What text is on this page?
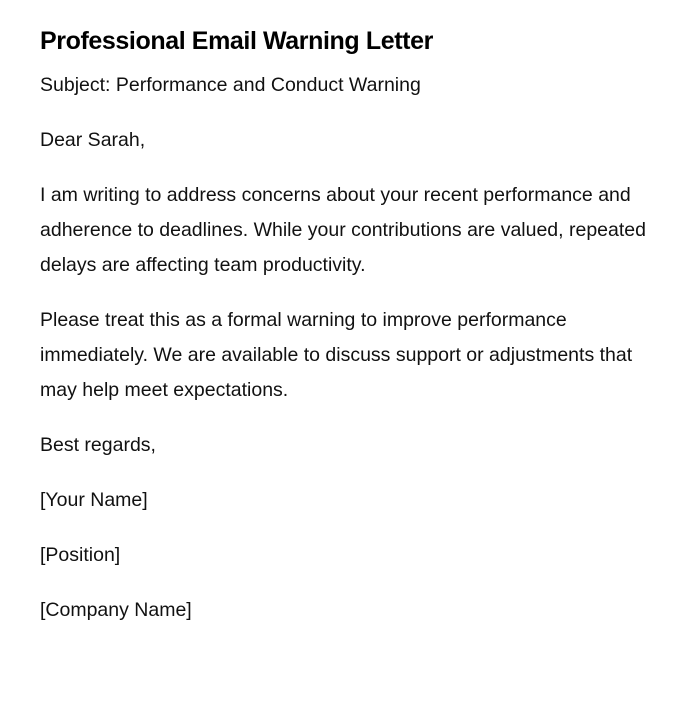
Professional Email Warning Letter

Subject: Performance and Conduct Warning

Dear Sarah,

I am writing to address concerns about your recent performance and adherence to deadlines. While your contributions are valued, repeated delays are affecting team productivity.

Please treat this as a formal warning to improve performance immediately. We are available to discuss support or adjustments that may help meet expectations.

Best regards,

[Your Name]

[Position]

[Company Name]
